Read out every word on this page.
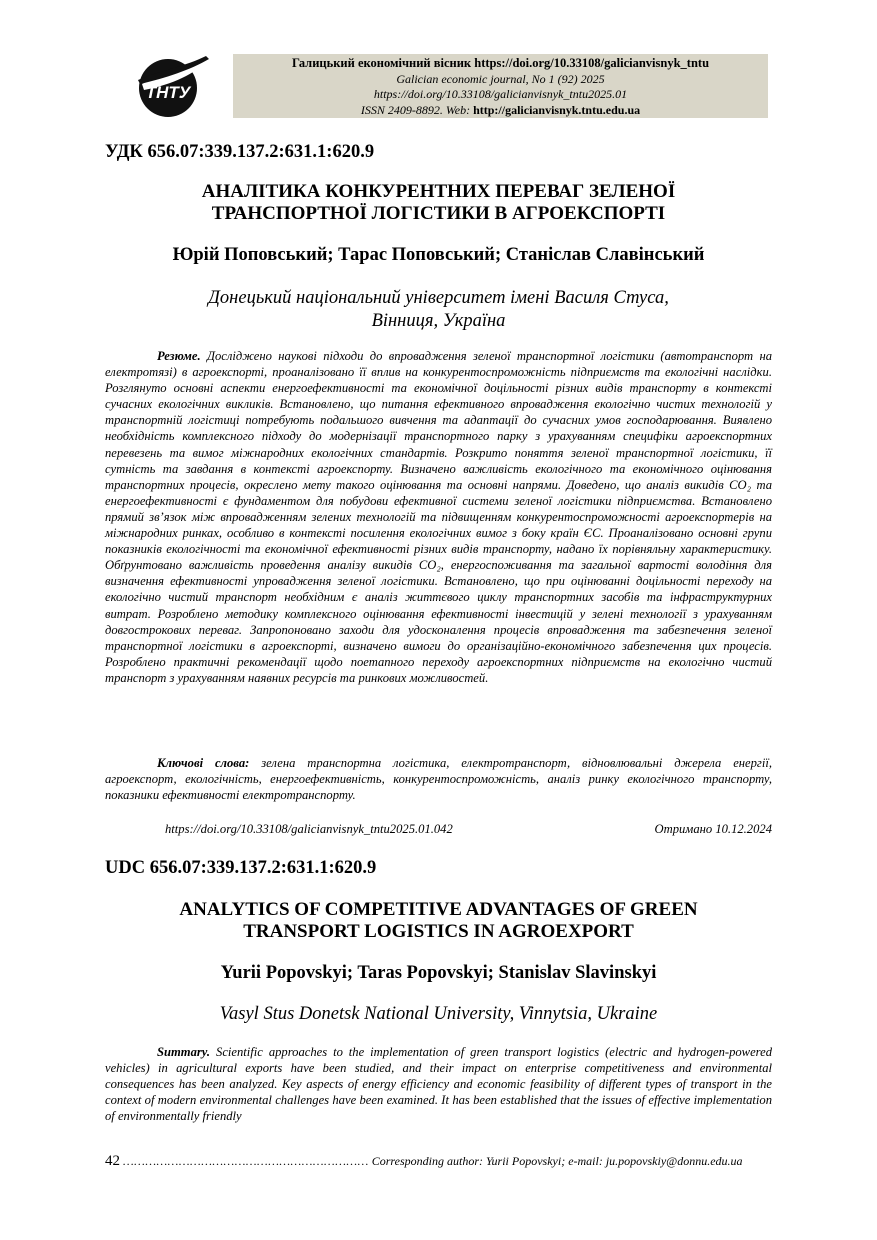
ТНТУ
Галицький економічний вісник https://doi.org/10.33108/galicianvisnyk_tntu
Galician economic journal, No 1 (92) 2025
https://doi.org/10.33108/galicianvisnyk_tntu2025.01
ISSN 2409-8892. Web: http://galicianvisnyk.tntu.edu.ua
УДК 656.07:339.137.2:631.1:620.9
АНАЛІТИКА КОНКУРЕНТНИХ ПЕРЕВАГ ЗЕЛЕНОЇ
ТРАНСПОРТНОЇ ЛОГІСТИКИ В АГРОЕКСПОРТІ
Юрій Поповський; Тарас Поповський; Станіслав Славінський
Донецький національний університет імені Василя Стуса,
Вінниця, Україна

Резюме. Досліджено наукові підходи до впровадження зеленої транспортної логістики (автотранспорт на електротязі) в агроекспорті, проаналізовано її вплив на конкурентоспроможність підприємств та екологічні наслідки. Розглянуто основні аспекти енергоефективності та економічної доцільності різних видів транспорту в контексті сучасних екологічних викликів. Встановлено, що питання ефективного впровадження екологічно чистих технологій у транспортній логістиці потребують подальшого вивчення та адаптації до сучасних умов господарювання. Виявлено необхідність комплексного підходу до модернізації транспортного парку з урахуванням специфіки агроекспортних перевезень та вимог міжнародних екологічних стандартів. Розкрито поняття зеленої транспортної логістики, її сутність та завдання в контексті агроекспорту. Визначено важливість екологічного та економічного оцінювання транспортних процесів, окреслено мету такого оцінювання та основні напрями. Доведено, що аналіз викидів CO₂ та енергоефективності є фундаментом для побудови ефективної системи зеленої логістики підприємства. Встановлено прямий зв’язок між впровадженням зелених технологій та підвищенням конкурентоспроможності агроекспортерів на міжнародних ринках, особливо в контексті посилення екологічних вимог з боку країн ЄС. Проаналізовано основні групи показників екологічності та економічної ефективності різних видів транспорту, надано їх порівняльну характеристику. Обґрунтовано важливість проведення аналізу викидів CO₂, енергоспоживання та загальної вартості володіння для визначення ефективності упровадження зеленої логістики. Встановлено, що при оцінюванні доцільності переходу на екологічно чистий транспорт необхідним є аналіз життєвого циклу транспортних засобів та інфраструктурних витрат. Розроблено методику комплексного оцінювання ефективності інвестицій у зелені технології з урахуванням довгострокових переваг. Запропоновано заходи для удосконалення процесів впровадження та забезпечення зеленої транспортної логістики в агроекспорті, визначено вимоги до організаційно-економічного забезпечення цих процесів. Розроблено практичні рекомендації щодо поетапного переходу агроекспортних підприємств на екологічно чистий транспорт з урахуванням наявних ресурсів та ринкових можливостей.

Ключові слова: зелена транспортна логістика, електротранспорт, відновлювальні джерела енергії, агроекспорт, екологічність, енергоефективність, конкурентоспроможність, аналіз ринку екологічного транспорту, показники ефективності електротранспорту.

https://doi.org/10.33108/galicianvisnyk_tntu2025.01.042	Отримано 10.12.2024
UDC 656.07:339.137.2:631.1:620.9
ANALYTICS OF COMPETITIVE ADVANTAGES OF GREEN
TRANSPORT LOGISTICS IN AGROEXPORT
Yurii Popovskyi; Taras Popovskyi; Stanislav Slavinskyi
Vasyl Stus Donetsk National University, Vinnytsia, Ukraine

Summary. Scientific approaches to the implementation of green transport logistics (electric and hydrogen-powered vehicles) in agricultural exports have been studied, and their impact on enterprise competitiveness and environmental consequences has been analyzed. Key aspects of energy efficiency and economic feasibility of different types of transport in the context of modern environmental challenges have been examined. It has been established that the issues of effective implementation of environmentally friendly

42 ………………………………………………………… Corresponding author: Yurii Popovskyi; e-mail: ju.popovskiy@donnu.edu.ua
